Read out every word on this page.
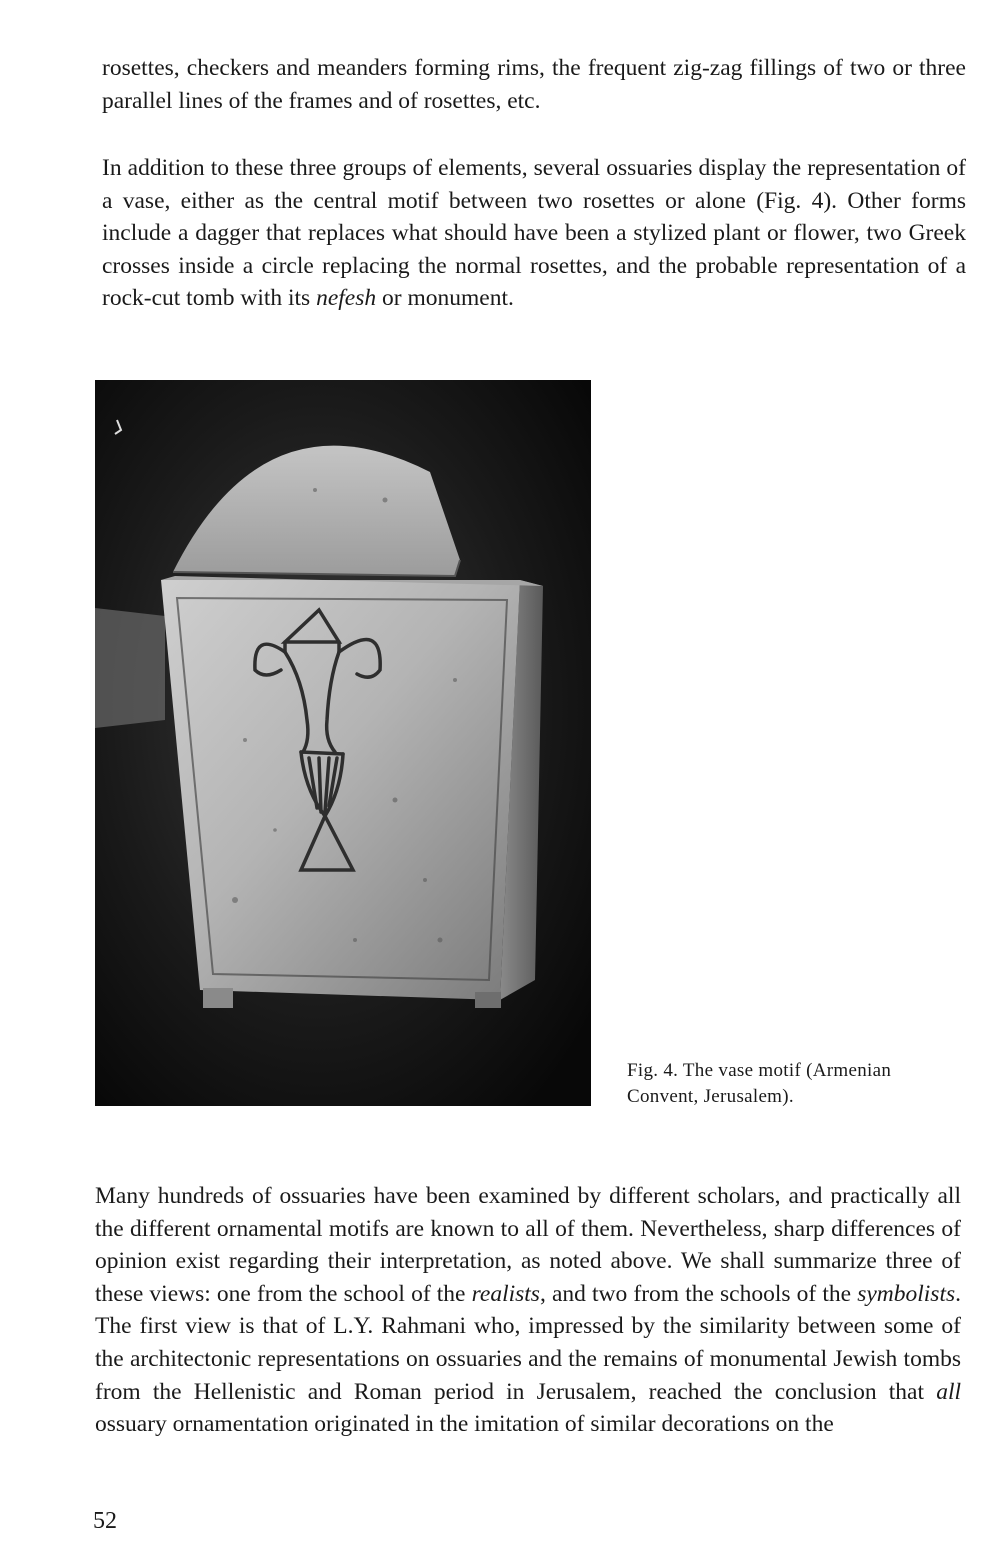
rosettes, checkers and meanders forming rims, the frequent zig-zag fillings of two or three parallel lines of the frames and of rosettes, etc.

In addition to these three groups of elements, several ossuaries display the representation of a vase, either as the central motif between two rosettes or alone (Fig. 4). Other forms include a dagger that replaces what should have been a stylized plant or flower, two Greek crosses inside a circle replacing the normal rosettes, and the probable representation of a rock-cut tomb with its nefesh or monument.

Fig. 4. The vase motif (Armenian
Convent, Jerusalem).

Many hundreds of ossuaries have been examined by different scholars, and practically all the different ornamental motifs are known to all of them. Nevertheless, sharp differences of opinion exist regarding their interpretation, as noted above. We shall summarize three of these views: one from the school of the realists, and two from the schools of the symbolists. The first view is that of L.Y. Rahmani who, impressed by the similarity between some of the architectonic representations on ossuaries and the remains of monumental Jewish tombs from the Hellenistic and Roman period in Jerusalem, reached the conclusion that all ossuary ornamentation originated in the imitation of similar decorations on the

52
